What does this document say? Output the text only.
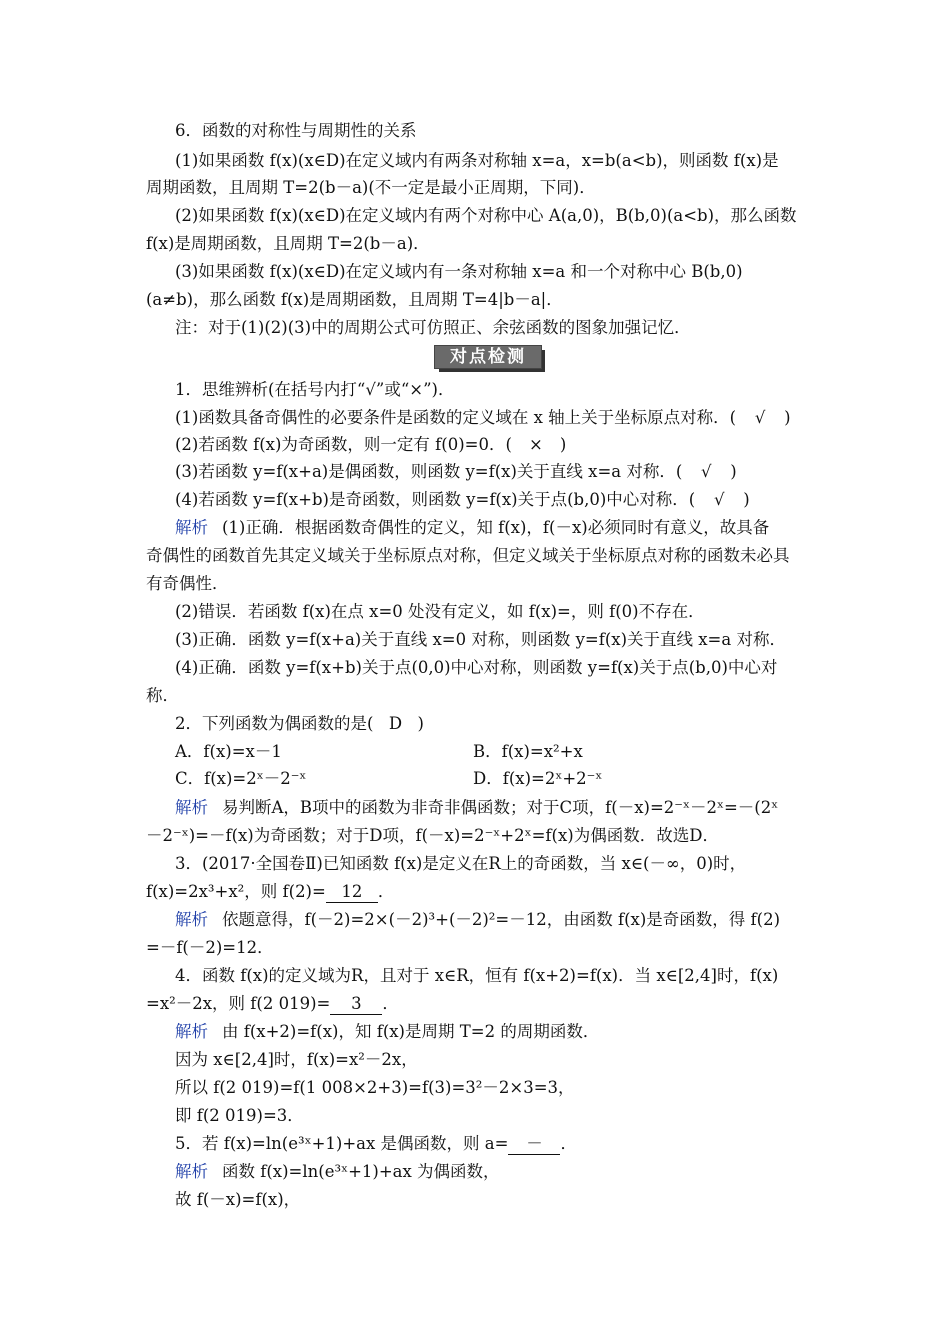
6．函数的对称性与周期性的关系
(1)如果函数 f(x)(x∈D)在定义域内有两条对称轴 x=a，x=b(a<b)，则函数 f(x)是
周期函数，且周期 T=2(b－a)(不一定是最小正周期，下同)．
(2)如果函数 f(x)(x∈D)在定义域内有两个对称中心 A(a,0)，B(b,0)(a<b)，那么函数
f(x)是周期函数，且周期 T=2(b－a)．
(3)如果函数 f(x)(x∈D)在定义域内有一条对称轴 x=a 和一个对称中心 B(b,0)
(a≠b)，那么函数 f(x)是周期函数，且周期 T=4|b－a|．
注：对于(1)(2)(3)中的周期公式可仿照正、余弦函数的图象加强记忆．
对点检测
1．思维辨析(在括号内打“√”或“×”)．
(1)函数具备奇偶性的必要条件是函数的定义域在 x 轴上关于坐标原点对称．( √ )
(2)若函数 f(x)为奇函数，则一定有 f(0)=0．( × )
(3)若函数 y=f(x+a)是偶函数，则函数 y=f(x)关于直线 x=a 对称．( √ )
(4)若函数 y=f(x+b)是奇函数，则函数 y=f(x)关于点(b,0)中心对称．( √ )
解析 (1)正确．根据函数奇偶性的定义，知 f(x)，f(－x)必须同时有意义，故具备
奇偶性的函数首先其定义域关于坐标原点对称，但定义域关于坐标原点对称的函数未必具
有奇偶性．
(2)错误．若函数 f(x)在点 x=0 处没有定义，如 f(x)=，则 f(0)不存在．
(3)正确．函数 y=f(x+a)关于直线 x=0 对称，则函数 y=f(x)关于直线 x=a 对称．
(4)正确．函数 y=f(x+b)关于点(0,0)中心对称，则函数 y=f(x)关于点(b,0)中心对
称．
2．下列函数为偶函数的是( D )
A．f(x)=x－1	B．f(x)=x²+x
C．f(x)=2ˣ－2⁻ˣ	D．f(x)=2ˣ+2⁻ˣ
解析 易判断A，B项中的函数为非奇非偶函数；对于C项，f(－x)=2⁻ˣ－2ˣ=－(2ˣ
－2⁻ˣ)=－f(x)为奇函数；对于D项，f(－x)=2⁻ˣ+2ˣ=f(x)为偶函数．故选D．
3．(2017·全国卷Ⅱ)已知函数 f(x)是定义在R上的奇函数，当 x∈(－∞，0)时，
f(x)=2x³+x²，则 f(2)= 12 ．
解析 依题意得，f(－2)=2×(－2)³+(－2)²=－12，由函数 f(x)是奇函数，得 f(2)
=－f(－2)=12．
4．函数 f(x)的定义域为R，且对于 x∈R，恒有 f(x+2)=f(x)．当 x∈[2,4]时，f(x)
=x²－2x，则 f(2 019)= 3 ．
解析 由 f(x+2)=f(x)，知 f(x)是周期 T=2 的周期函数．
因为 x∈[2,4]时，f(x)=x²－2x，
所以 f(2 019)=f(1 008×2+3)=f(3)=3²－2×3=3，
即 f(2 019)=3．
5．若 f(x)=ln(e³ˣ+1)+ax 是偶函数，则 a= － ．
解析 函数 f(x)=ln(e³ˣ+1)+ax 为偶函数，
故 f(－x)=f(x)，
